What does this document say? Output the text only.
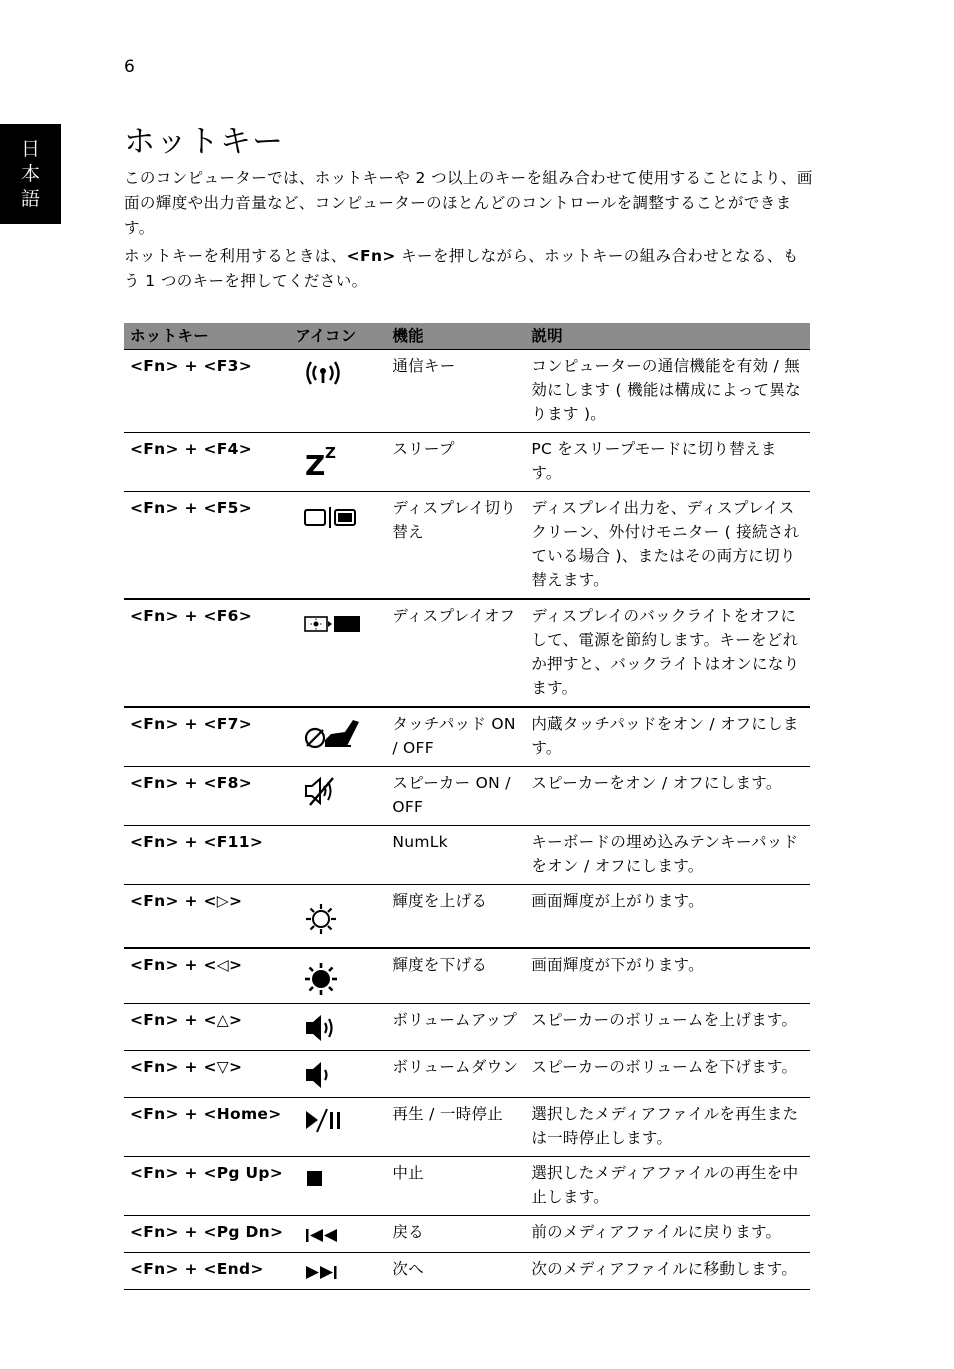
6
日
本
語
ホットキー

このコンピューターでは、ホットキーや 2 つ以上のキーを組み合わせて使用することにより、画面の輝度や出力音量など、コンピューターのほとんどのコントロールを調整することができます。

ホットキーを利用するときは、<Fn> キーを押しながら、ホットキーの組み合わせとなる、もう 1 つのキーを押してください。

ホットキー	アイコン	機能	説明
<Fn> + <F3>		通信キー	コンピューターの通信機能を有効 / 無効にします ( 機能は構成によって異なります )。
<Fn> + <F4>	Z Z	スリープ	PC をスリープモードに切り替えます。
<Fn> + <F5>		ディスプレイ切り替え	ディスプレイ出力を、ディスプレイスクリーン、外付けモニター ( 接続されている場合 )、またはその両方に切り替えます。
<Fn> + <F6>		ディスプレイオフ	ディスプレイのバックライトをオフにして、電源を節約します。キーをどれか押すと、バックライトはオンになります。
<Fn> + <F7>		タッチパッド ON / OFF	内蔵タッチパッドをオン / オフにします。
<Fn> + <F8>		スピーカー ON / OFF	スピーカーをオン / オフにします。
<Fn> + <F11>		NumLk	キーボードの埋め込みテンキーパッドをオン / オフにします。
<Fn> + <▷>		輝度を上げる	画面輝度が上がります。
<Fn> + <◁>		輝度を下げる	画面輝度が下がります。
<Fn> + <△>		ボリュームアップ	スピーカーのボリュームを上げます。
<Fn> + <▽>		ボリュームダウン	スピーカーのボリュームを下げます。
<Fn> + <Home>		再生 / 一時停止	選択したメディアファイルを再生または一時停止します。
<Fn> + <Pg Up>		中止	選択したメディアファイルの再生を中止します。
<Fn> + <Pg Dn>		戻る	前のメディアファイルに戻ります。
<Fn> + <End>		次へ	次のメディアファイルに移動します。
